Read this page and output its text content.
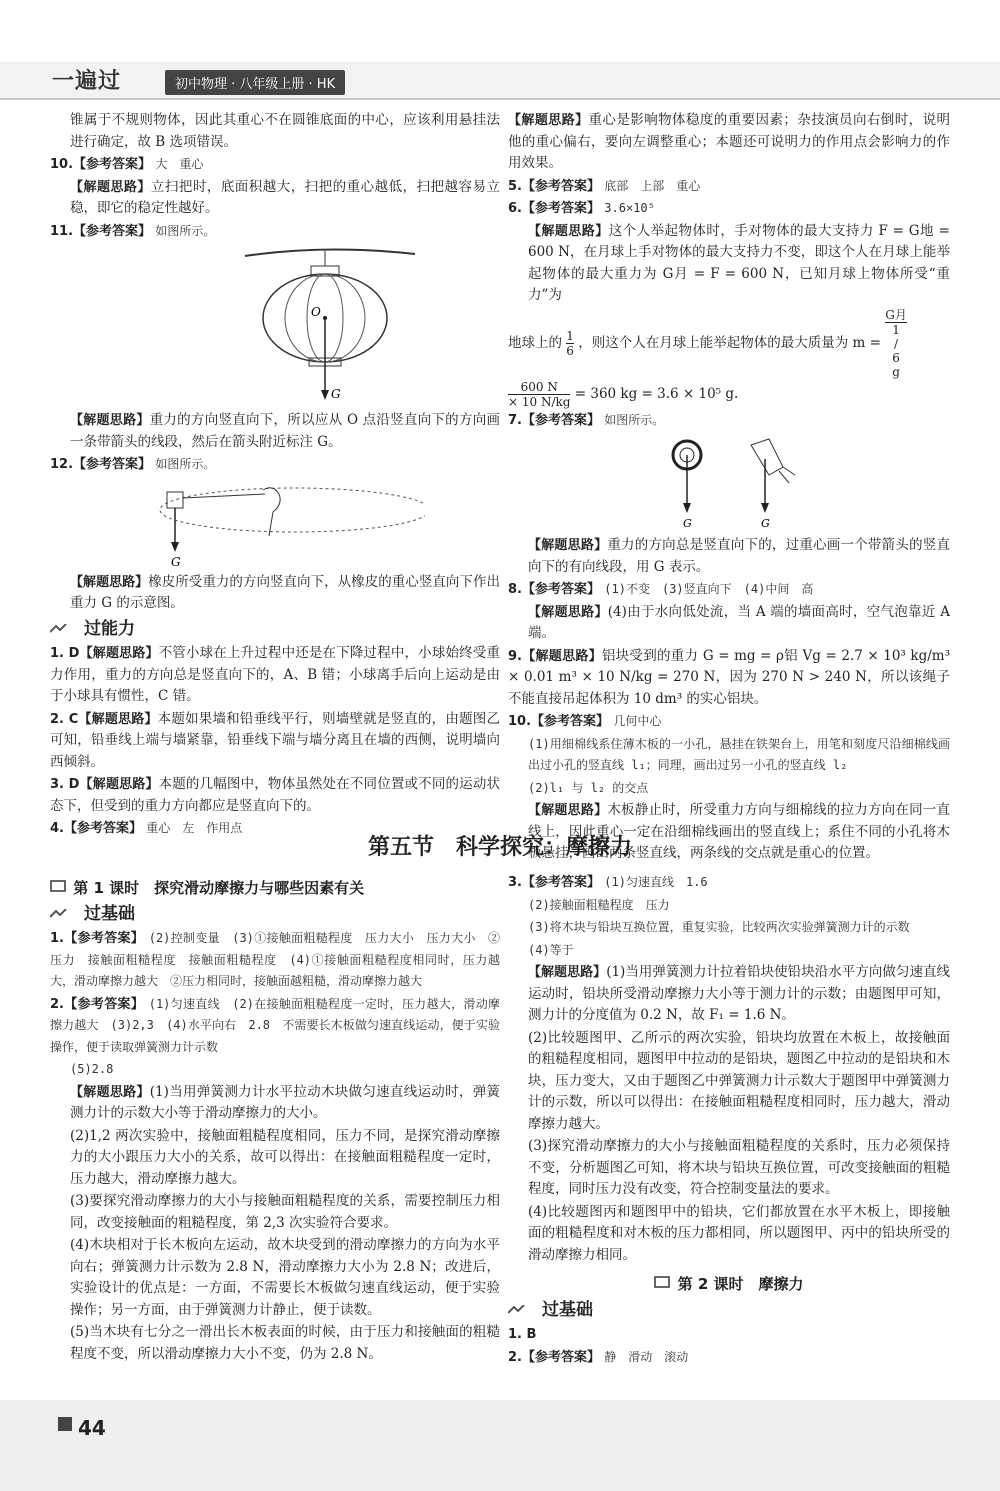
一遍过	初中物理 · 八年级上册 · HK

锥属于不规则物体，因此其重心不在圆锥底面的中心，应该利用悬挂法进行确定，故 B 选项错误。

10.【参考答案】 大　重心

【解题思路】立扫把时，底面积越大，扫把的重心越低，扫把越容易立稳，即它的稳定性越好。

11.【参考答案】 如图所示。

O
G

【解题思路】重力的方向竖直向下，所以应从 O 点沿竖直向下的方向画一条带箭头的线段，然后在箭头附近标注 G。

12.【参考答案】 如图所示。

G

【解题思路】橡皮所受重力的方向竖直向下，从橡皮的重心竖直向下作出重力 G 的示意图。

过能力

1. D【解题思路】不管小球在上升过程中还是在下降过程中，小球始终受重力作用，重力的方向总是竖直向下的，A、B 错；小球离手后向上运动是由于小球具有惯性，C 错。

2. C【解题思路】本题如果墙和铅垂线平行，则墙壁就是竖直的，由题图乙可知，铅垂线上端与墙紧靠，铅垂线下端与墙分离且在墙的西侧，说明墙向西倾斜。

3. D【解题思路】本题的几幅图中，物体虽然处在不同位置或不同的运动状态下，但受到的重力方向都应是竖直向下的。

4.【参考答案】 重心　左　作用点

【解题思路】重心是影响物体稳度的重要因素；杂技演员向右倒时，说明他的重心偏右，要向左调整重心；本题还可说明力的作用点会影响力的作用效果。

5.【参考答案】 底部　上部　重心

6.【参考答案】 3.6×10⁵

【解题思路】这个人举起物体时，手对物体的最大支持力 F = G地 = 600 N，在月球上手对物体的最大支持力不变，即这个人在月球上能举起物体的最大重力为 G月 = F = 600 N，已知月球上物体所受“重力”为

地球上的 $\frac{1}{6}$ ，则这个人在月球上能举起物体的最大质量为 m = G月
1
/
6
g

$\frac{600 N}{\times 10 N/kg} = 360$ kg = 3.6 × 10⁵ g.

7.【参考答案】 如图所示。

G	G

【解题思路】重力的方向总是竖直向下的，过重心画一个带箭头的竖直向下的有向线段，用 G 表示。

8.【参考答案】 (1)不变　(3)竖直向下　(4)中间　高

【解题思路】(4)由于水向低处流，当 A 端的墙面高时，空气泡靠近 A 端。

9.【解题思路】铝块受到的重力 G = mg = ρ铝 Vg = 2.7 × 10³ kg/m³ × 0.01 m³ × 10 N/kg = 270 N，因为 270 N > 240 N，所以该绳子不能直接吊起体积为 10 dm³ 的实心铝块。

10.【参考答案】 几何中心

(1)用细棉线系住薄木板的一小孔，悬挂在铁架台上，用笔和刻度尺沿细棉线画出过小孔的竖直线 l₁；同理，画出过另一小孔的竖直线 l₂

(2)l₁ 与 l₂ 的交点

【解题思路】木板静止时，所受重力方向与细棉线的拉力方向在同一直线上，因此重心一定在沿细棉线画出的竖直线上；系住不同的小孔将木板悬挂，画出两条竖直线，两条线的交点就是重心的位置。

第五节　科学探究：摩擦力
第 1 课时　探究滑动摩擦力与哪些因素有关
过基础

1.【参考答案】 (2)控制变量　(3)①接触面粗糙程度　压力大小　压力大小　②压力　接触面粗糙程度　接触面粗糙程度　(4)①接触面粗糙程度相同时，压力越大，滑动摩擦力越大　②压力相同时，接触面越粗糙，滑动摩擦力越大

2.【参考答案】 (1)匀速直线　(2)在接触面粗糙程度一定时，压力越大，滑动摩擦力越大　(3)2,3　(4)水平向右　2.8　不需要长木板做匀速直线运动，便于实验操作，便于读取弹簧测力计示数

(5)2.8

【解题思路】(1)当用弹簧测力计水平拉动木块做匀速直线运动时，弹簧测力计的示数大小等于滑动摩擦力的大小。

(2)1,2 两次实验中，接触面粗糙程度相同，压力不同，是探究滑动摩擦力的大小跟压力大小的关系，故可以得出：在接触面粗糙程度一定时，压力越大，滑动摩擦力越大。

(3)要探究滑动摩擦力的大小与接触面粗糙程度的关系，需要控制压力相同，改变接触面的粗糙程度，第 2,3 次实验符合要求。

(4)木块相对于长木板向左运动，故木块受到的滑动摩擦力的方向为水平向右；弹簧测力计示数为 2.8 N，滑动摩擦力大小为 2.8 N；改进后，实验设计的优点是：一方面，不需要长木板做匀速直线运动，便于实验操作；另一方面，由于弹簧测力计静止，便于读数。

(5)当木块有七分之一滑出长木板表面的时候，由于压力和接触面的粗糙程度不变，所以滑动摩擦力大小不变，仍为 2.8 N。

3.【参考答案】 (1)匀速直线　1.6

(2)接触面粗糙程度　压力

(3)将木块与铅块互换位置，重复实验，比较两次实验弹簧测力计的示数

(4)等于

【解题思路】(1)当用弹簧测力计拉着铅块使铅块沿水平方向做匀速直线运动时，铅块所受滑动摩擦力大小等于测力计的示数；由题图甲可知，测力计的分度值为 0.2 N，故 F₁ = 1.6 N。

(2)比较题图甲、乙所示的两次实验，铅块均放置在木板上，故接触面的粗糙程度相同，题图甲中拉动的是铅块，题图乙中拉动的是铅块和木块，压力变大，又由于题图乙中弹簧测力计示数大于题图甲中弹簧测力计的示数，所以可以得出：在接触面粗糙程度相同时，压力越大，滑动摩擦力越大。

(3)探究滑动摩擦力的大小与接触面粗糙程度的关系时，压力必须保持不变，分析题图乙可知，将木块与铅块互换位置，可改变接触面的粗糙程度，同时压力没有改变，符合控制变量法的要求。

(4)比较题图丙和题图甲中的铅块，它们都放置在水平木板上，即接触面的粗糙程度和对木板的压力都相同，所以题图甲、丙中的铅块所受的滑动摩擦力相同。

第 2 课时　摩擦力
过基础

1. B

2.【参考答案】 静　滑动　滚动

44
